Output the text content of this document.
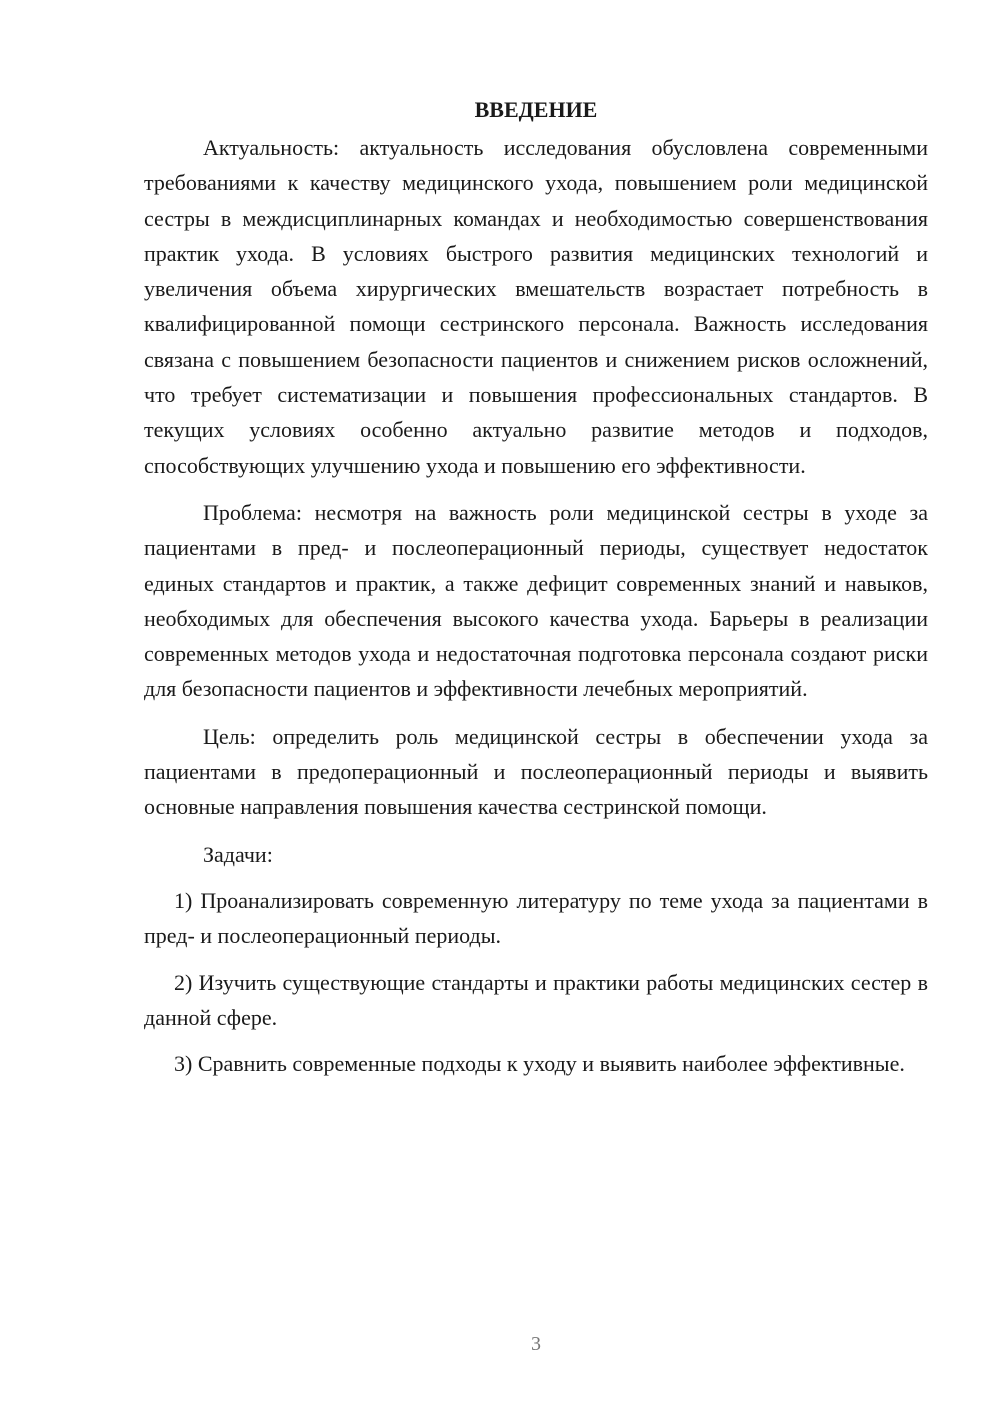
ВВЕДЕНИЕ

Актуальность: актуальность исследования обусловлена современными требованиями к качеству медицинского ухода, повышением роли медицинской сестры в междисциплинарных командах и необходимостью совершенствования практик ухода. В условиях быстрого развития медицинских технологий и увеличения объема хирургических вмешательств возрастает потребность в квалифицированной помощи сестринского персонала. Важность исследования связана с повышением безопасности пациентов и снижением рисков осложнений, что требует систематизации и повышения профессиональных стандартов. В текущих условиях особенно актуально развитие методов и подходов, способствующих улучшению ухода и повышению его эффективности.

Проблема: несмотря на важность роли медицинской сестры в уходе за пациентами в пред- и послеоперационный периоды, существует недостаток единых стандартов и практик, а также дефицит современных знаний и навыков, необходимых для обеспечения высокого качества ухода. Барьеры в реализации современных методов ухода и недостаточная подготовка персонала создают риски для безопасности пациентов и эффективности лечебных мероприятий.

Цель: определить роль медицинской сестры в обеспечении ухода за пациентами в предоперационный и послеоперационный периоды и выявить основные направления повышения качества сестринской помощи.

Задачи:

1) Проанализировать современную литературу по теме ухода за пациентами в пред- и послеоперационный периоды.

2) Изучить существующие стандарты и практики работы медицинских сестер в данной сфере.

3) Сравнить современные подходы к уходу и выявить наиболее эффективные.

3
